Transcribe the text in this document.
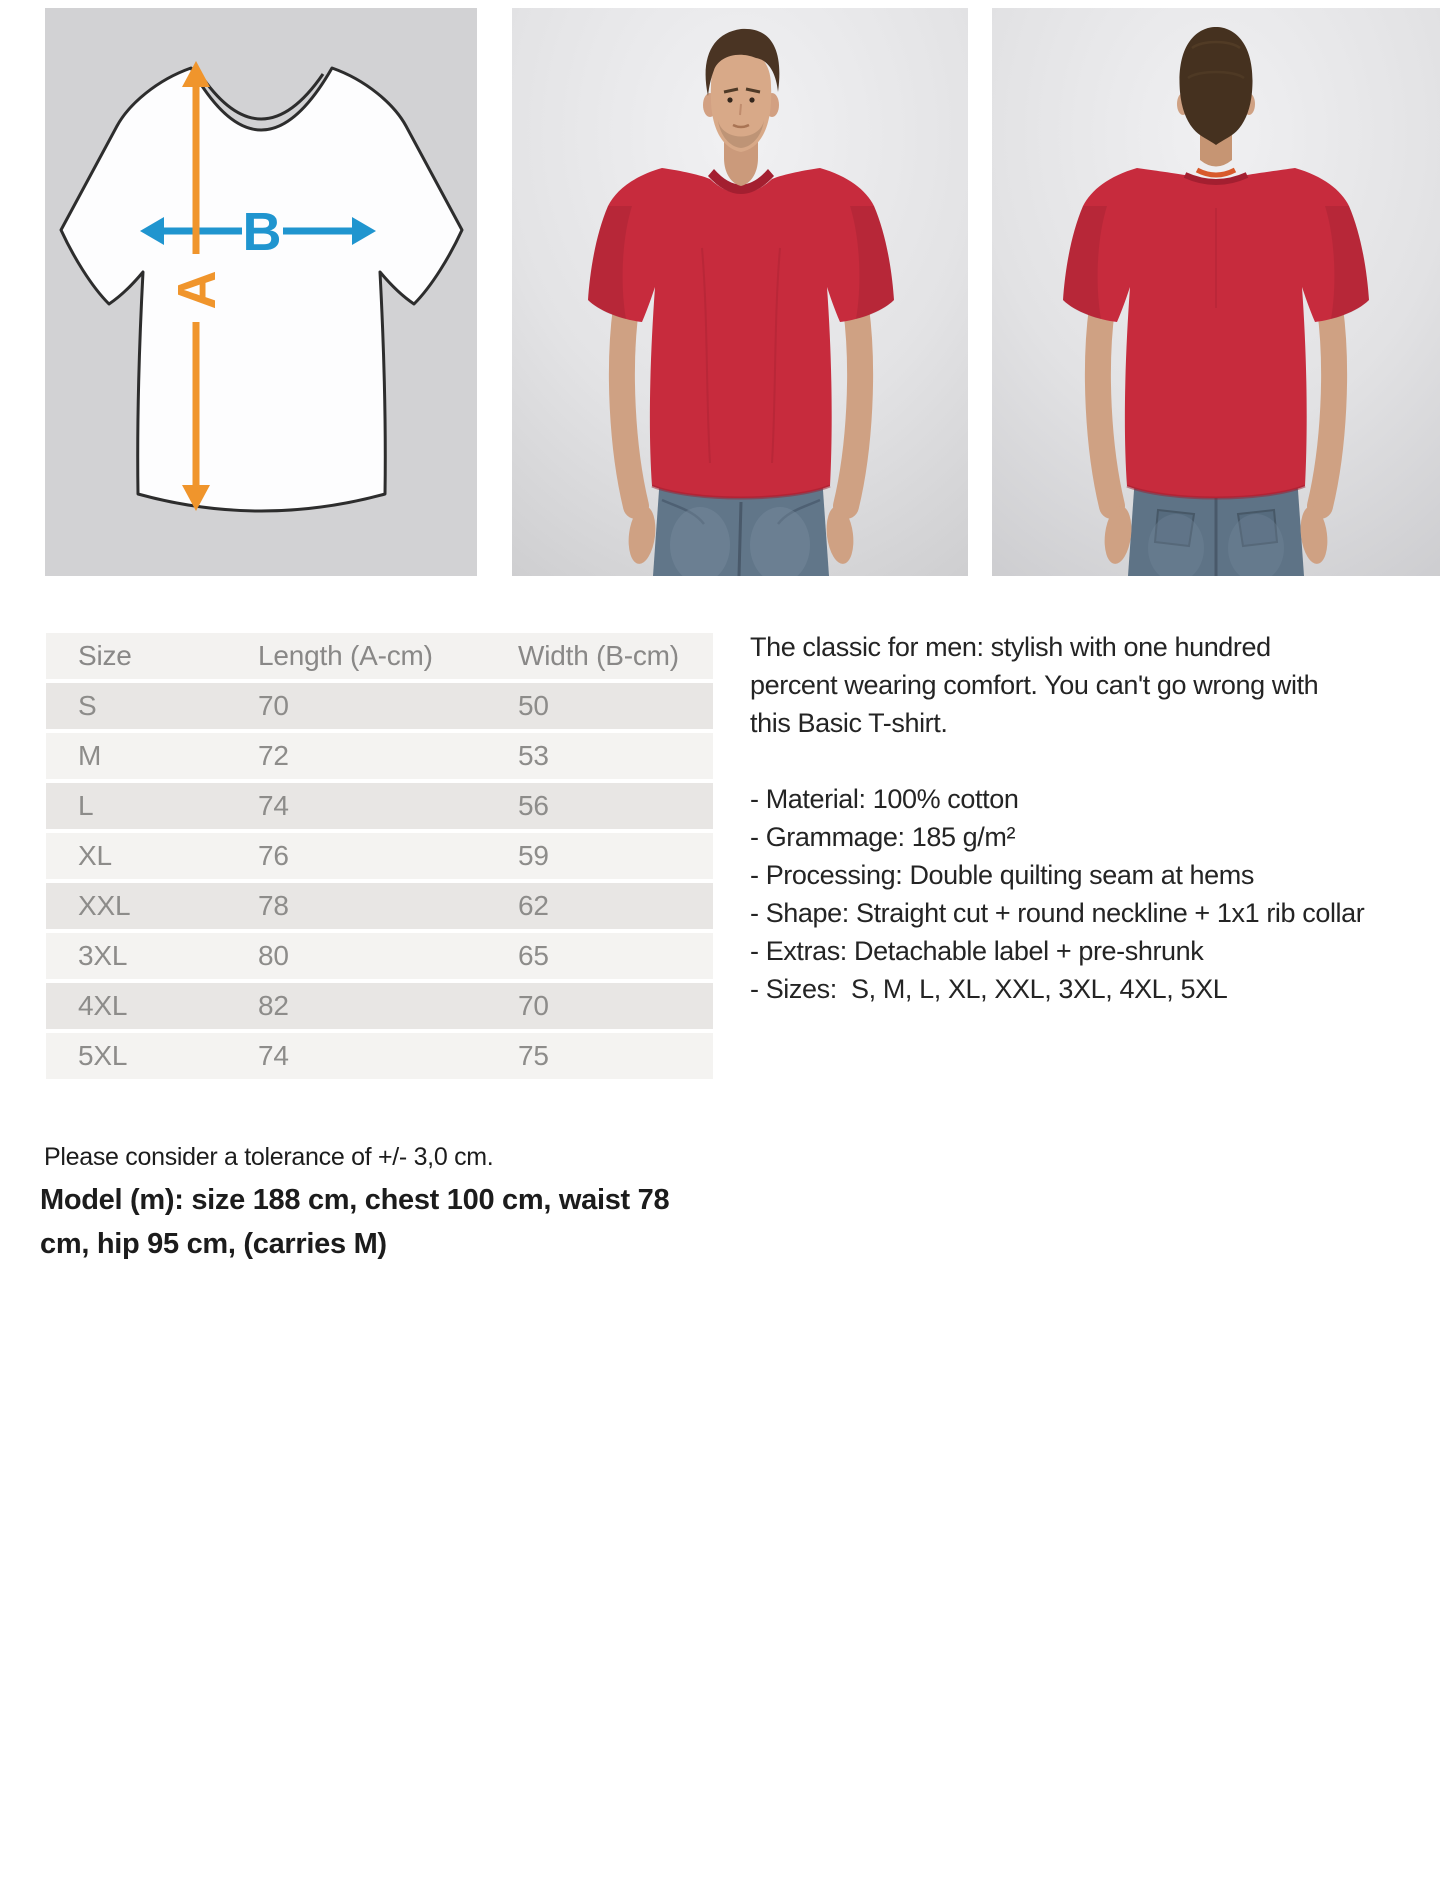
B
A
Size	Length (A-cm)	Width (B-cm)
S	70	50
M	72	53
L	74	56
XL	76	59
XXL	78	62
3XL	80	65
4XL	82	70
5XL	74	75
The classic for men: stylish with one hundred
percent wearing comfort. You can't go wrong with
this Basic T-shirt.
- Material: 100% cotton
- Grammage: 185 g/m²
- Processing: Double quilting seam at hems
- Shape: Straight cut + round neckline + 1x1 rib collar
- Extras: Detachable label + pre-shrunk
- Sizes:  S, M, L, XL, XXL, 3XL, 4XL, 5XL
Please consider a tolerance of +/- 3,0 cm.
Model (m): size 188 cm, chest 100 cm, waist 78
cm, hip 95 cm, (carries M)
